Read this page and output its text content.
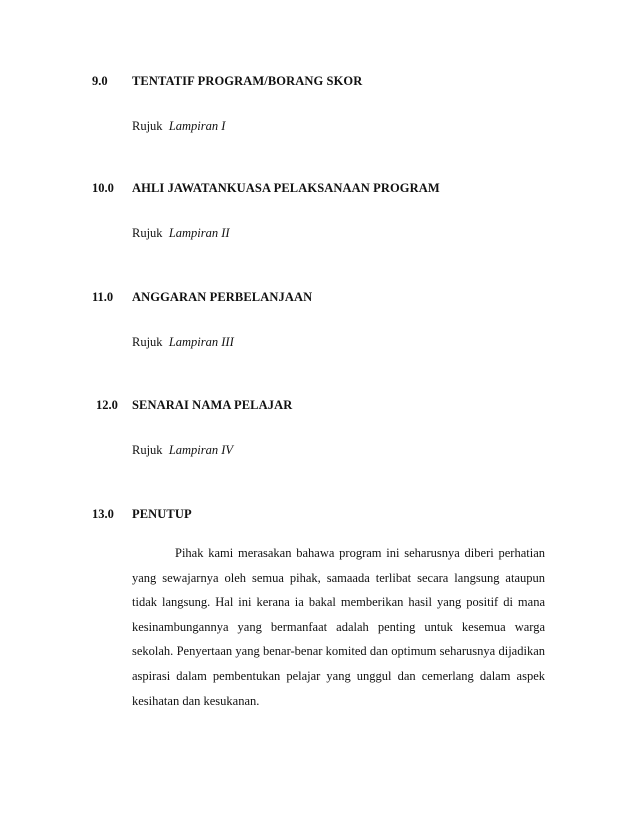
9.0 TENTATIF PROGRAM/BORANG SKOR
Rujuk Lampiran I
10.0 AHLI JAWATANKUASA PELAKSANAAN PROGRAM
Rujuk Lampiran II
11.0 ANGGARAN PERBELANJAAN
Rujuk Lampiran III
12.0 SENARAI NAMA PELAJAR
Rujuk Lampiran IV
13.0 PENUTUP

Pihak kami merasakan bahawa program ini seharusnya diberi perhatian yang sewajarnya oleh semua pihak, samaada terlibat secara langsung ataupun tidak langsung. Hal ini kerana ia bakal memberikan hasil yang positif di mana kesinambungannya yang bermanfaat adalah penting untuk kesemua warga sekolah. Penyertaan yang benar-benar komited dan optimum seharusnya dijadikan aspirasi dalam pembentukan pelajar yang unggul dan cemerlang dalam aspek kesihatan dan kesukanan.
